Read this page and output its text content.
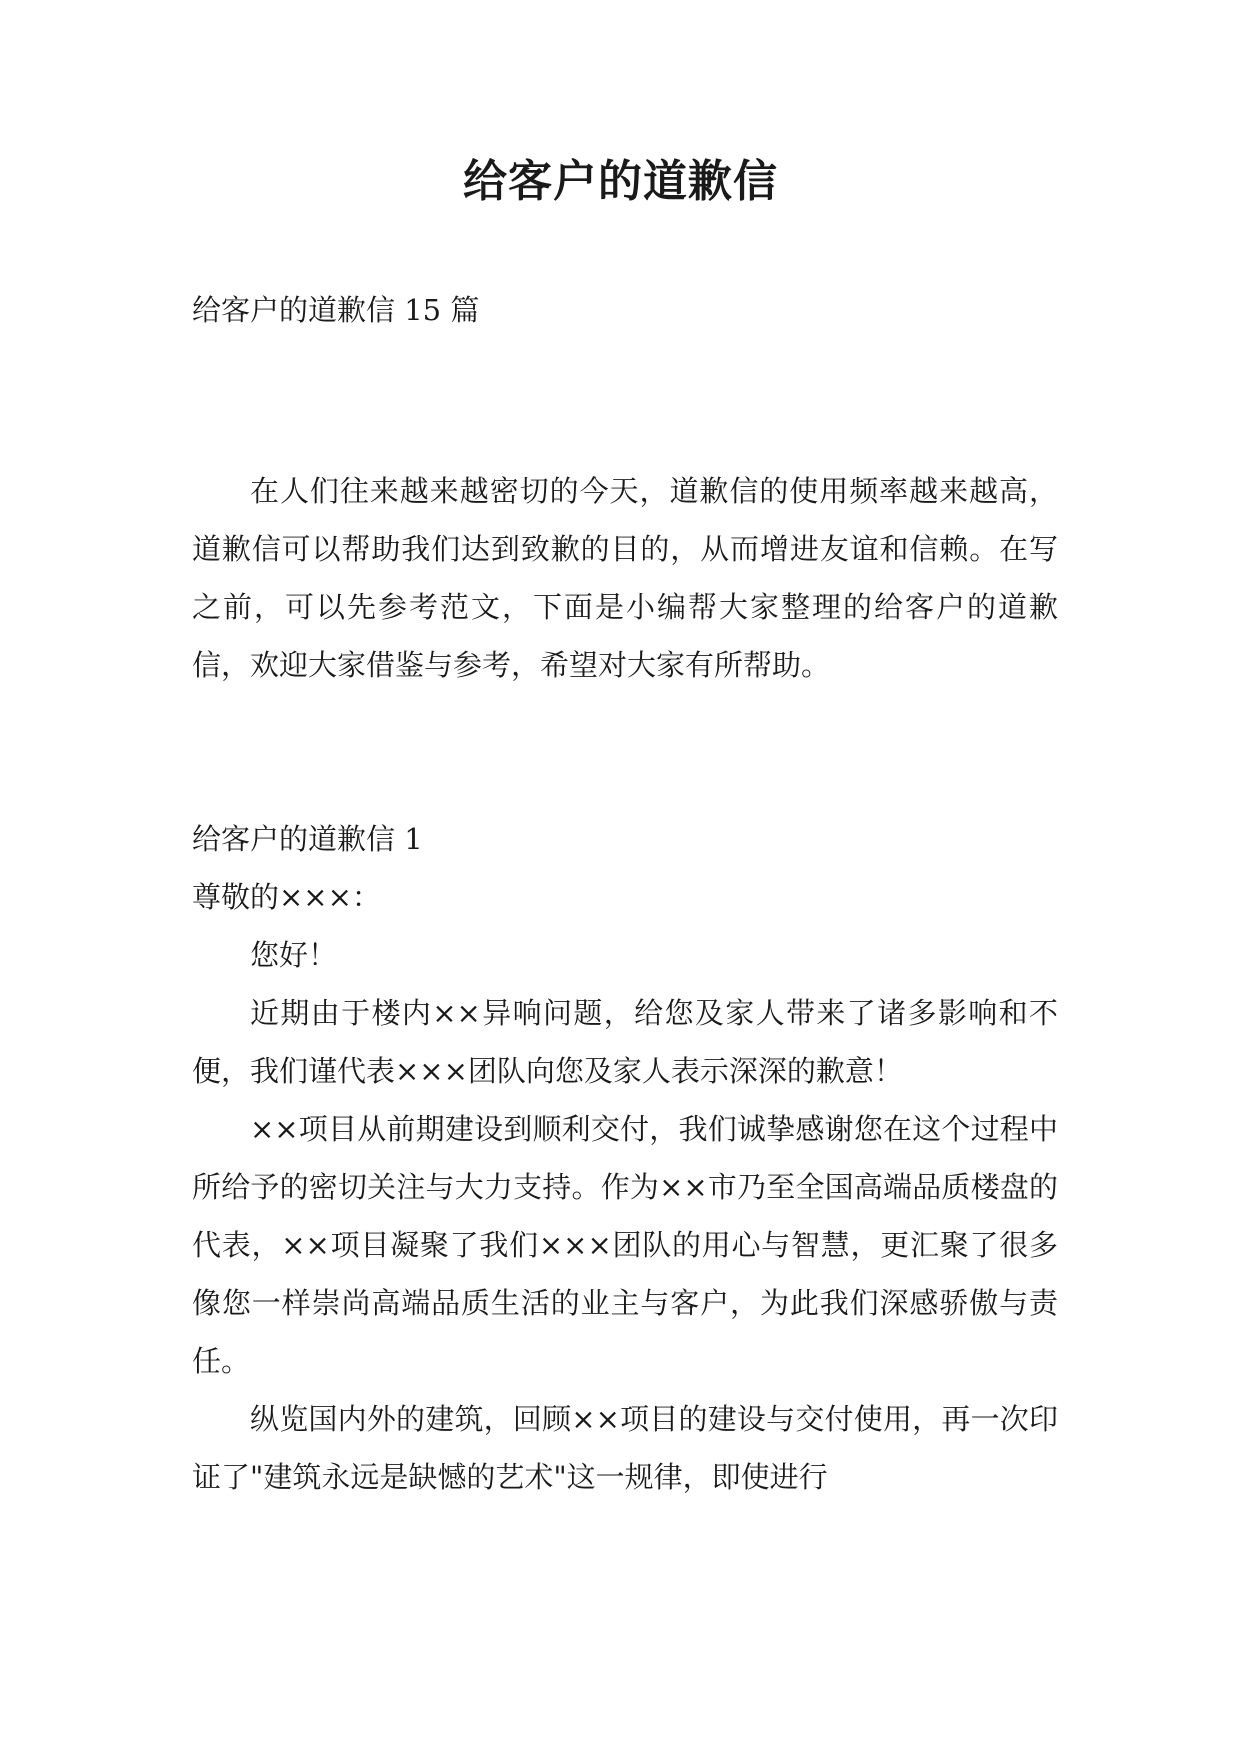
给客户的道歉信
给客户的道歉信 15 篇

在人们往来越来越密切的今天，道歉信的使用频率越来越高，道歉信可以帮助我们达到致歉的目的，从而增进友谊和信赖。在写之前，可以先参考范文，下面是小编帮大家整理的给客户的道歉信，欢迎大家借鉴与参考，希望对大家有所帮助。

给客户的道歉信 1

尊敬的×××：

您好！

近期由于楼内××异响问题，给您及家人带来了诸多影响和不便，我们谨代表×××团队向您及家人表示深深的歉意！

××项目从前期建设到顺利交付，我们诚挚感谢您在这个过程中所给予的密切关注与大力支持。作为××市乃至全国高端品质楼盘的代表，××项目凝聚了我们×××团队的用心与智慧，更汇聚了很多像您一样崇尚高端品质生活的业主与客户，为此我们深感骄傲与责任。

纵览国内外的建筑，回顾××项目的建设与交付使用，再一次印证了"建筑永远是缺憾的艺术"这一规律，即使进行
